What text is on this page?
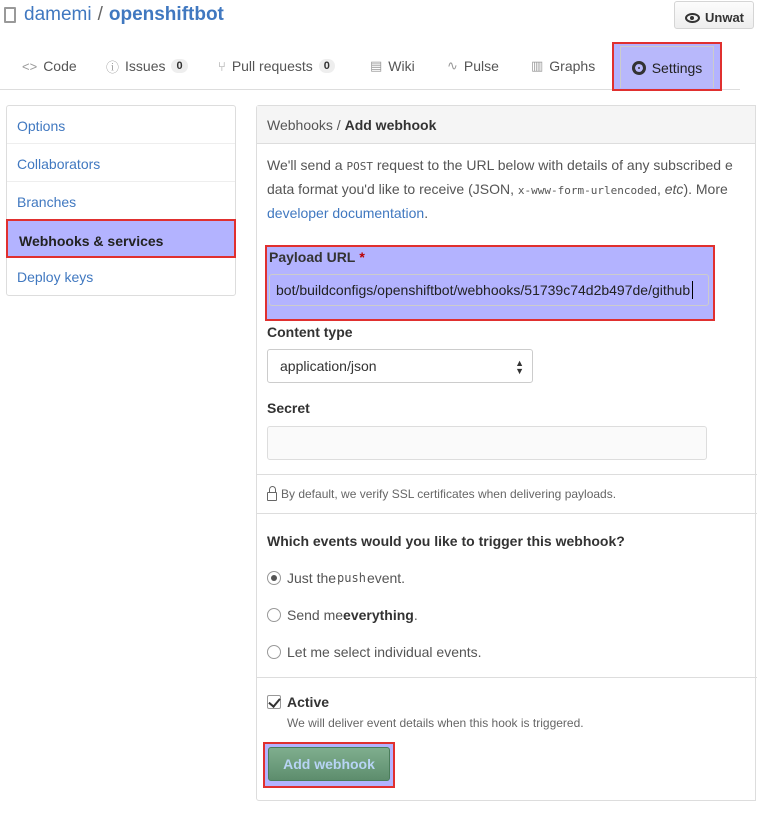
damemi / openshiftbot	Unwat
<> Code ⓘ Issues	0	⑂ Pull requests	0	▤ Wiki ∿ Pulse ▥ Graphs	Settings
Options
Collaborators
Branches
Webhooks & services
Deploy keys
Webhooks / Add webhook
We'll send a POST request to the URL below with details of any subscribed e
data format you'd like to receive (JSON, x-www-form-urlencoded, etc). More
developer documentation.
Payload URL *
bot/buildconfigs/openshiftbot/webhooks/51739c74d2b497de/github
Content type
application/json	▲
▼
Secret
By default, we verify SSL certificates when delivering payloads.
Which events would you like to trigger this webhook?
Just the push event.
Send me everything .
Let me select individual events.
Active
We will deliver event details when this hook is triggered.
Add webhook
